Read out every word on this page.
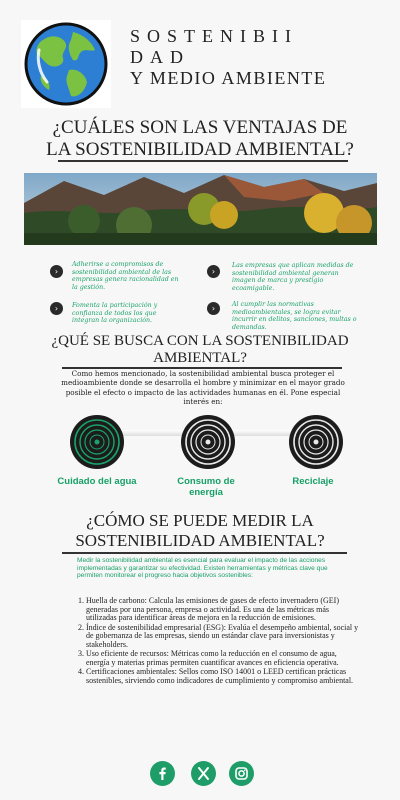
SOSTENIBII
DAD
Y MEDIO AMBIENTE
¿CUÁLES SON LAS VENTAJAS DE LA SOSTENIBILIDAD AMBIENTAL?
›
Adherirse a compromisos de sostenibilidad ambiental de las empresas genera racionalidad en la gestión.
›
Las empresas que aplican medidas de sostenibilidad ambiental generan imagen de marca y prestigio ecoamigable.
›	Fomenta la participación y confianza de todos los que integran la organización.
›	Al cumplir las normativas medioambientales, se logra evitar incurrir en delitos, sanciones, multas o demandas.
¿QUÉ SE BUSCA CON LA SOSTENIBILIDAD AMBIENTAL?
Como hemos mencionado, la sostenibilidad ambiental busca proteger el medioambiente donde se desarrolla el hombre y minimizar en el mayor grado posible el efecto o impacto de las actividades humanas en él. Pone especial interés en:
Cuidado del agua	Consumo de energía
Reciclaje
¿CÓMO SE PUEDE MEDIR LA SOSTENIBILIDAD AMBIENTAL?
Medir la sostenibilidad ambiental es esencial para evaluar el impacto de las acciones implementadas y garantizar su efectividad. Existen herramientas y métricas clave que permiten monitorear el progreso hacia objetivos sostenibles:
1. Huella de carbono: Calcula las emisiones de gases de efecto invernadero (GEI) generadas por una persona, empresa o actividad. Es una de las métricas más utilizadas para identificar áreas de mejora en la reducción de emisiones.
2. Índice de sostenibilidad empresarial (ESG): Evalúa el desempeño ambiental, social y de gobernanza de las empresas, siendo un estándar clave para inversionistas y stakeholders.
3. Uso eficiente de recursos: Métricas como la reducción en el consumo de agua, energía y materias primas permiten cuantificar avances en eficiencia operativa.
4. Certificaciones ambientales: Sellos como ISO 14001 o LEED certifican prácticas sostenibles, sirviendo como indicadores de cumplimiento y compromiso ambiental.
